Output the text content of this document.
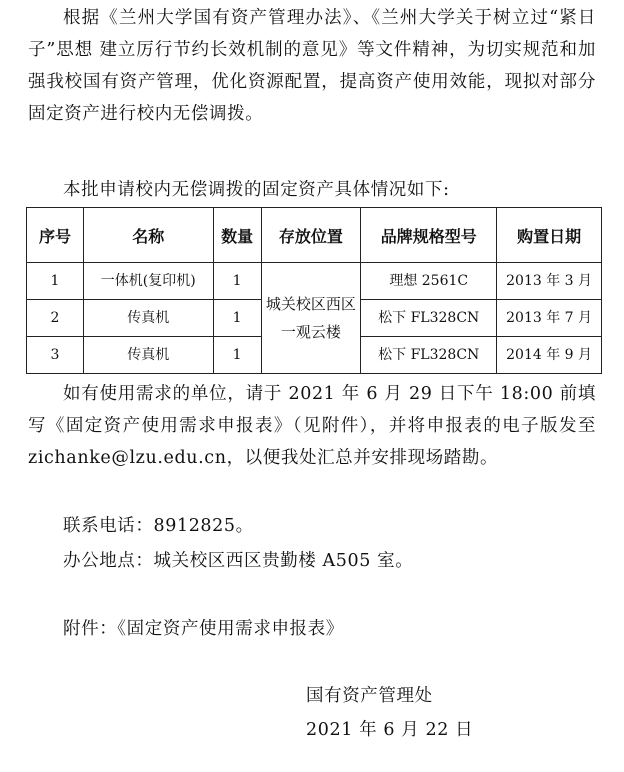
根据《兰州大学国有资产管理办法》、《兰州大学关于树立过“紧日子”思想 建立厉行节约长效机制的意见》等文件精神，为切实规范和加强我校国有资产管理，优化资源配置，提高资产使用效能，现拟对部分固定资产进行校内无偿调拨。

本批申请校内无偿调拨的固定资产具体情况如下:

序号	名称	数量	存放位置	品牌规格型号	购置日期
1	一体机(复印机)	1	城关校区西区一观云楼	理想 2561C	2013 年 3 月
2	传真机	1		松下 FL328CN	2013 年 7 月
3	传真机	1		松下 FL328CN	2014 年 9 月

如有使用需求的单位，请于 2021 年 6 月 29 日下午 18:00 前填写《固定资产使用需求申报表》（见附件），并将申报表的电子版发至 zichanke@lzu.edu.cn，以便我处汇总并安排现场踏勘。

联系电话：8912825。

办公地点：城关校区西区贵勤楼 A505 室。

附件：《固定资产使用需求申报表》

国有资产管理处
2021 年 6 月 22 日
